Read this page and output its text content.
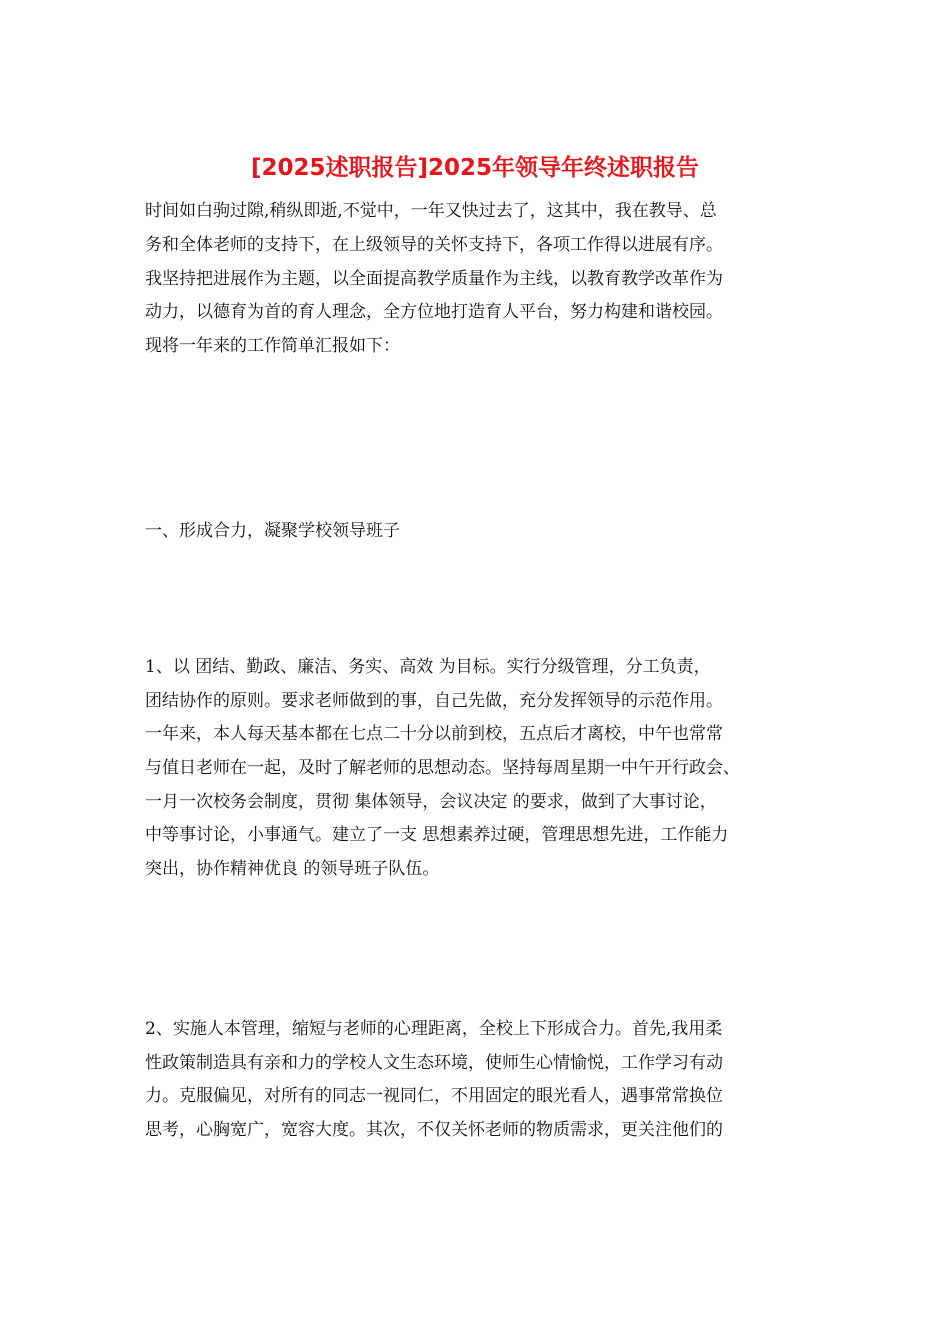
[2025述职报告]2025年领导年终述职报告

时间如白驹过隙,稍纵即逝,不觉中，一年又快过去了，这其中，我在教导、总

务和全体老师的支持下，在上级领导的关怀支持下，各项工作得以进展有序。

我坚持把进展作为主题，以全面提高教学质量作为主线，以教育教学改革作为

动力，以德育为首的育人理念，全方位地打造育人平台，努力构建和谐校园。

现将一年来的工作简单汇报如下：

一、形成合力，凝聚学校领导班子

1、以 团结、勤政、廉洁、务实、高效 为目标。实行分级管理，分工负责，

团结协作的原则。要求老师做到的事，自己先做，充分发挥领导的示范作用。

一年来，本人每天基本都在七点二十分以前到校，五点后才离校，中午也常常

与值日老师在一起，及时了解老师的思想动态。坚持每周星期一中午开行政会、

一月一次校务会制度，贯彻 集体领导，会议决定 的要求，做到了大事讨论，

中等事讨论，小事通气。建立了一支 思想素养过硬，管理思想先进，工作能力

突出，协作精神优良 的领导班子队伍。

2、实施人本管理，缩短与老师的心理距离，全校上下形成合力。首先,我用柔

性政策制造具有亲和力的学校人文生态环境，使师生心情愉悦，工作学习有动

力。克服偏见，对所有的同志一视同仁，不用固定的眼光看人，遇事常常换位

思考，心胸宽广，宽容大度。其次，不仅关怀老师的物质需求，更关注他们的
